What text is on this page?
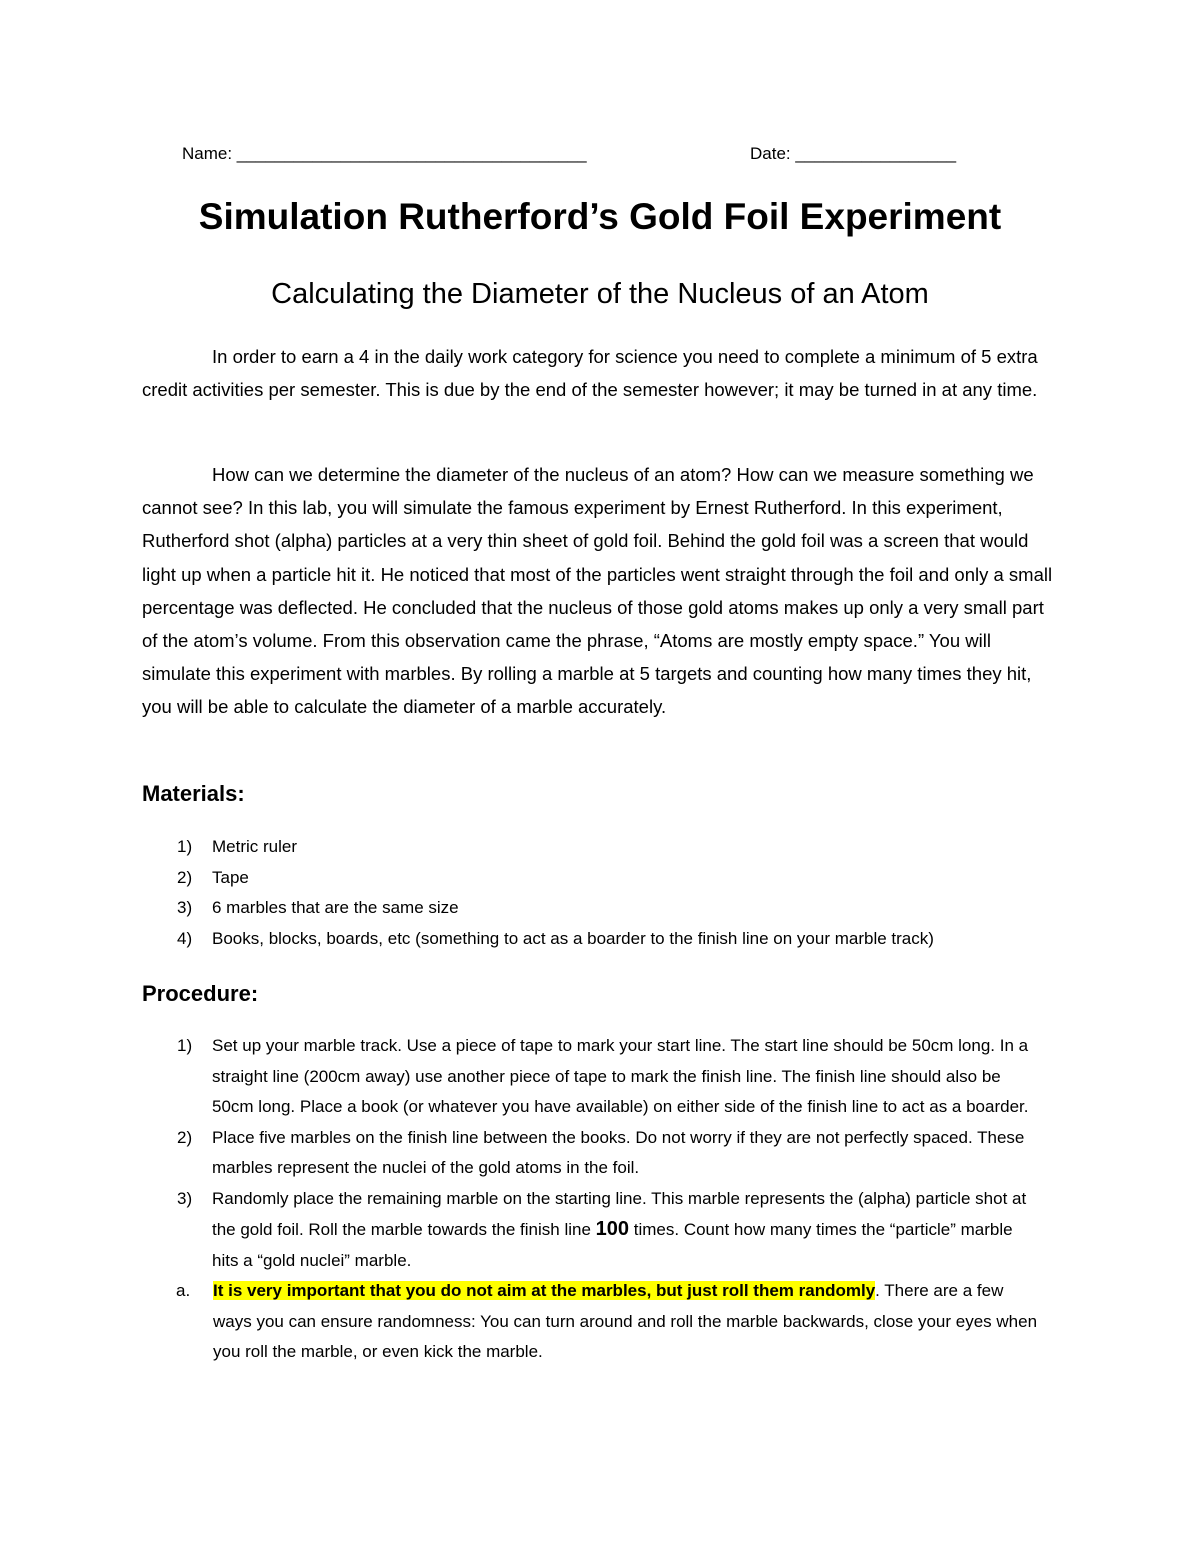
Name: _____________________________________	Date: _________________
Simulation Rutherford’s Gold Foil Experiment
Calculating the Diameter of the Nucleus of an Atom

In order to earn a 4 in the daily work category for science you need to complete a minimum of 5 extra credit activities per semester. This is due by the end of the semester however; it may be turned in at any time.

How can we determine the diameter of the nucleus of an atom? How can we measure something we cannot see? In this lab, you will simulate the famous experiment by Ernest Rutherford. In this experiment, Rutherford shot (alpha) particles at a very thin sheet of gold foil. Behind the gold foil was a screen that would light up when a particle hit it. He noticed that most of the particles went straight through the foil and only a small percentage was deflected. He concluded that the nucleus of those gold atoms makes up only a very small part of the atom’s volume. From this observation came the phrase, “Atoms are mostly empty space.” You will simulate this experiment with marbles. By rolling a marble at 5 targets and counting how many times they hit, you will be able to calculate the diameter of a marble accurately.

Materials:
1) Metric ruler
2) Tape
3) 6 marbles that are the same size
4) Books, blocks, boards, etc (something to act as a boarder to the finish line on your marble track)
Procedure:
1) Set up your marble track. Use a piece of tape to mark your start line. The start line should be 50cm long. In a straight line (200cm away) use another piece of tape to mark the finish line. The finish line should also be 50cm long. Place a book (or whatever you have available) on either side of the finish line to act as a boarder.
2) Place five marbles on the finish line between the books. Do not worry if they are not perfectly spaced. These marbles represent the nuclei of the gold atoms in the foil.
3) Randomly place the remaining marble on the starting line. This marble represents the (alpha) particle shot at the gold foil. Roll the marble towards the finish line 100 times. Count how many times the “particle” marble hits a “gold nuclei” marble.
a. It is very important that you do not aim at the marbles, but just roll them randomly. There are a few ways you can ensure randomness: You can turn around and roll the marble backwards, close your eyes when you roll the marble, or even kick the marble.
